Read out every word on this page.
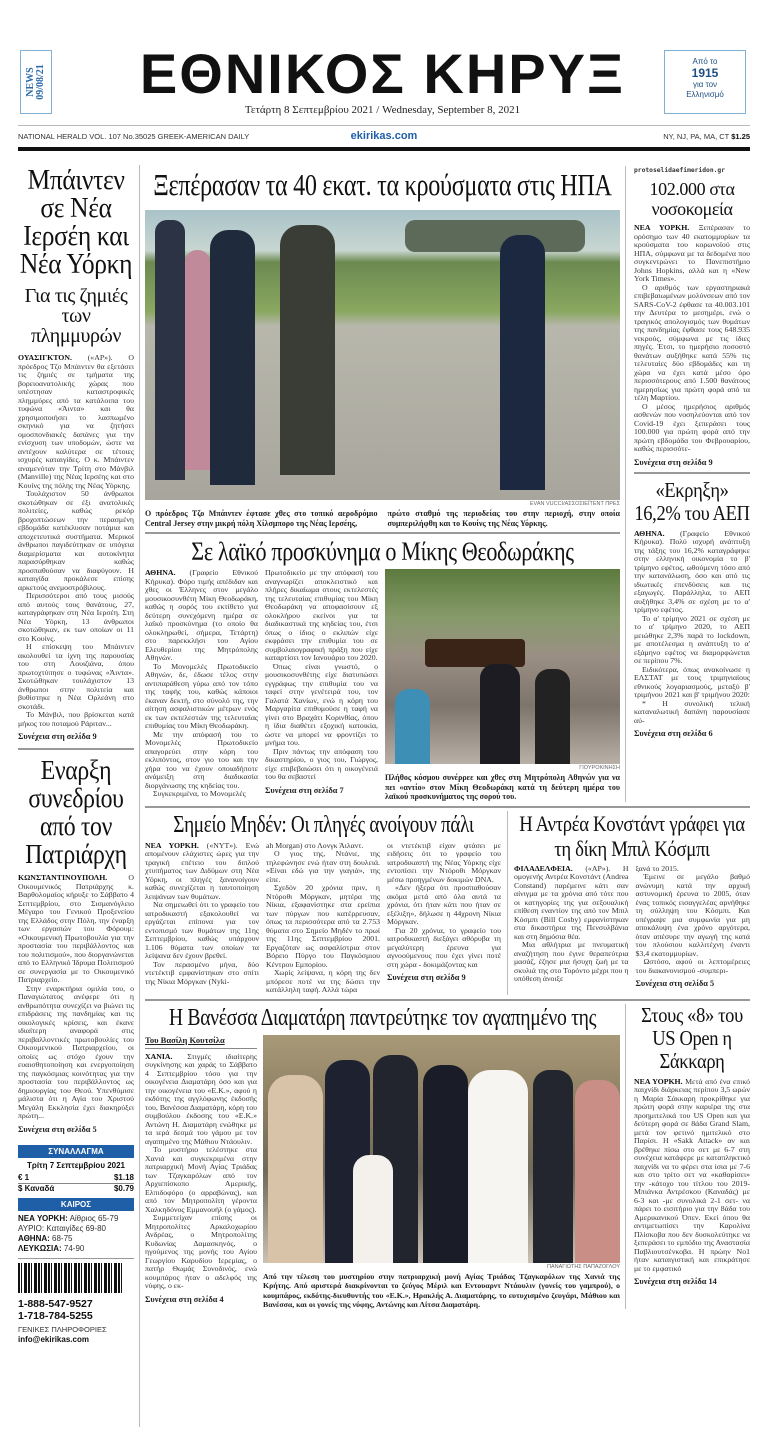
NEWS 09/08/21	ΕΘΝΙΚΟΣ ΚΗΡΥΞ
Τετάρτη 8 Σεπτεμβρίου 2021 / Wednesday, September 8, 2021
Από το
1915
για τον
Ελληνισμό
NATIONAL HERALD VOL. 107 No.35025 GREEK-AMERICAN DAILY	ekirikas.com	NY, NJ, PA, MA, CT $1.25
Μπάιντεν σε Νέα Ιερσέη και Νέα Υόρκη
Για τις ζημιές των πλημμυρών

ΟΥΑΣΙΓΚΤΟΝ. («AP»). Ο πρόεδρος Τζο Μπάιντεν θα εξετάσει τις ζημιές σε τμήματα της βορειοανατολικής χώρας που υπέστησαν καταστροφικές πλημμύρες από τα κατάλοιπα του τυφώνα «Άιντα» και θα χρησιμοποιήσει το λασπωμένο σκηνικό για να ζητήσει ομοσπονδιακές δαπάνες για την ενίσχυση των υποδομών, ώστε να αντέχουν καλύτερα σε τέτοιες ισχυρές καταιγίδες. Ο κ. Μπάιντεν αναμενόταν την Τρίτη στο Μάνβιλ (Manville) της Νέας Ιερσέης και στο Κουίνς της πόλης της Νέας Υόρκης.

Τουλάχιστον 50 άνθρωποι σκοτώθηκαν σε έξι ανατολικές πολιτείες, καθώς ρεκόρ βροχοπτώσεων την περασμένη εβδομάδα κατέκλυσαν ποτάμια και αποχετευτικά συστήματα. Μερικοί άνθρωποι παγιδεύτηκαν σε υπόγεια διαμερίσματα και αυτοκίνητα παρασύρθηκαν καθώς προσπαθούσαν να διαφύγουν. Η καταιγίδα προκάλεσε επίσης αρκετούς ανεμοστρόβιλους.

Περισσότεροι από τους μισούς από αυτούς τους θανάτους, 27, καταγράφηκαν στη Νέα Ιερσέη. Στη Νέα Υόρκη, 13 άνθρωποι σκοτώθηκαν, εκ των οποίων οι 11 στο Κουίνς.

Η επίσκεψη του Μπάιντεν ακολουθεί τα ίχνη της παρουσίας του στη Λουιζιάνα, όπου πρωτοχτύπησε ο τυφώνας «Άιντα». Σκοτώθηκαν τουλάχιστον 13 άνθρωποι στην πολιτεία και βυθίστηκε η Νέα Ορλεάνη στο σκοτάδι.

Το Μάνβιλ, που βρίσκεται κατά μήκος του ποταμού Ράριταν...

Συνέχεια στη σελίδα 9
Εναρξη συνεδρίου από τον Πατριάρχη

ΚΩΝΣΤΑΝΤΙΝΟΥΠΟΛΗ.	Ο Οικουμενικός Πατριάρχης κ. Βαρθολομαίος κήρυξε το Σάββατο 4 Σεπτεμβρίου, στο Σισμανόγλειο Μέγαρο του Γενικού Προξενείου της Ελλάδος στην Πόλη, την έναρξη των εργασιών του Φόρουμ: «Οικουμενική Πρωτοβουλία για την προστασία του περιβάλλοντος και του πολιτισμού», που διοργανώνεται από το Ελληνικό Ίδρυμα Πολιτισμού σε συνεργασία με το Οικουμενικό Πατριαρχείο.

Στην εναρκτήρια ομιλία του, ο Παναγιώτατος ανέφερε ότι η ανθρωπότητα συνεχίζει να βιώνει τις επιδράσεις της πανδημίας και τις οικολογικές κρίσεις, και έκανε ιδιαίτερη αναφορά στις περιβαλλοντικές πρωτοβουλίες του Οικουμενικού Πατριαρχείου, οι οποίες ως στόχο έχουν την ευαισθητοποίηση και ενεργοποίηση της παγκόσμιας κοινότητας για την προστασία του περιβάλλοντος ως δημιουργίας του Θεού. Υπενθύμισε μάλιστα ότι η Αγία του Χριστού Μεγάλη Εκκλησία έχει διακηρύξει πρώτη...

Συνέχεια στη σελίδα 5
ΣΥΝΑΛΛΑΓΜΑ
Τρίτη 7 Σεπτεμβρίου 2021
€ 1	$1.18
$ Καναδά	$0.79
ΚΑΙΡΟΣ
ΝΕΑ ΥΟΡΚΗ: Αίθριος 65-79
ΑΥΡΙΟ: Καταιγίδες 69-80
ΑΘΗΝΑ: 68-75
ΛΕΥΚΩΣΙΑ: 74-90
1-888-547-9527
1-718-784-5255
ΓΕΝΙΚΕΣ ΠΛΗΡΟΦΟΡΙΕΣ
info@ekirikas.com
Ξεπέρασαν τα 40 εκατ. τα κρούσματα στις ΗΠΑ
EVAN VUCCI/ΑΣΣΟΣΙΕΪΤΕΝΤ ΠΡΕΣ
Ο πρόεδρος Τζο Μπάιντεν έφτασε χθες στο τοπικό αεροδρόμιο Central Jersey στην μικρή πόλη Χίλσμπορο της Νέας Ιερσέης,
πρώτο σταθμό της περιοδείας του στην περιοχή, στην οποία συμπεριλήφθη και το Κουίνς της Νέας Υόρκης.
Σε λαϊκό προσκύνημα ο Μίκης Θεοδωράκης

ΑΘΗΝΑ. (Γραφείο Εθνικού Κήρυκα). Φόρο τιμής απέδιδαν και χθες οι Έλληνες στον μεγάλο μουσικοσυνθέτη Μίκη Θεοδωράκη, καθώς η σορός του εκτίθετο για δεύτερη συνεχόμενη ημέρα σε λαϊκό προσκύνημα (το οποίο θα ολοκληρωθεί, σήμερα, Τετάρτη) στο παρεκκλήσι του Αγίου Ελευθερίου της Μητρόπολης Αθηνών.

Το Μονομελές Πρωτοδικείο Αθηνών, δε, έδωσε τέλος στην αντιπαράθεση γύρω από τον τόπο της ταφής του, καθώς κάποιοι έκαναν δεκτή, στο σύνολό της, την αίτηση ασφαλιστικών μέτρων ενός εκ των εκτελεστών της τελευταίας επιθυμίας του Μίκη Θεοδωράκη.

Με την απόφασή του το Μονομελές Πρωτοδικείο απαγορεύει στην κόρη του εκλιπόντος, στον γιο του και την χήρα του να έχουν οποιαδήποτε ανάμειξη στη διαδικασία διοργάνωσης της κηδείας του.

Συγκεκριμένα, το Μονομελές

Πρωτοδικείο με την απόφασή του αναγνωρίζει αποκλειστικό και πλήρες δικαίωμα στους εκτελεστές της τελευταίας επιθυμίας του Μίκη Θεοδωράκη να αποφασίσουν εξ ολοκλήρου εκείνοι για τα διαδικαστικά της κηδείας του, έτσι όπως ο ίδιος ο εκλιπών είχε εκφράσει την επιθυμία του σε συμβολαιογραφική πράξη που είχε καταρτίσει τον Ιανουάριο του 2020.

Όπως είναι γνωστό, ο μουσικοσυνθέτης είχε διατυπώσει εγγράφως την επιθυμία του να ταφεί στην γενέτειρά του, τον Γαλατά Χανίων, ενώ η κόρη του Μαργαρίτα επιθυμούσε η ταφή να γίνει στο Βραχάτι Κορινθίας, όπου η ίδια διαθέτει εξοχική κατοικία, ώστε να μπορεί να φροντίζει το μνήμα του.

Πριν πάντως την απόφαση του δικαστηρίου, ο γιος του, Γιώργος, είχε επιβεβαιώσει ότι η οικογένειά του θα σεβαστεί

Συνέχεια στη σελίδα 7
ΓΙΟΥΡΟΚΙΝΗΣΗ
Πλήθος κόσμου συνέρρεε και χθες στη Μητρόπολη Αθηνών για να πει «αντίο» στον Μίκη Θεοδωράκη κατά τη δεύτερη ημέρα του λαϊκού προσκυνήματος της σορού του.
protoselidaefimeridon.gr
102.000 στα νοσοκομεία

ΝΕΑ ΥΟΡΚΗ. Ξεπέρασαν το ορόσημο των 40 εκατομμυρίων τα κρούσματα του κορωνοϊού στις ΗΠΑ, σύμφωνα με τα δεδομένα που συγκεντρώνει το Πανεπιστήμιο Johns Hopkins, αλλά και η «New York Times».

Ο αριθμός των εργαστηριακά επιβεβαιωμένων μολύνσεων από τον SARS-CoV-2 έφθασε τα 40.003.101 την Δευτέρα το μεσημέρι, ενώ ο τραγικός απολογισμός των θυμάτων της πανδημίας έφθασε τους 648.935 νεκρούς, σύμφωνα με τις ίδιες πηγές. Έτσι, το ημερήσιο ποσοστό θανάτων αυξήθηκε κατά 55% τις τελευταίες δύο εβδομάδες και τη χώρα να έχει κατά μέσο όρο περισσότερους από 1.500 θανάτους ημερησίως για πρώτη φορά από τα τέλη Μαρτίου.

Ο μέσος ημερήσιος αριθμός ασθενών που νοσηλεύονται από τον Covid-19 έχει ξεπεράσει τους 100.000 για πρώτη φορά από την πρώτη εβδομάδα του Φεβρουαρίου, καθώς περισσότε-

Συνέχεια στη σελίδα 9
«Εκρηξη» 16,2% του ΑΕΠ

ΑΘΗΝΑ. (Γραφείο Εθνικού Κήρυκα). Πολύ ισχυρή ανάπτυξη της τάξης του 16,2% καταγράφηκε στην ελληνική οικονομία το β' τρίμηνο εφέτος, ωθούμενη τόσο από την κατανάλωση, όσο και από τις ιδιωτικές επενδύσεις και τις εξαγωγές. Παράλληλα, το ΑΕΠ αυξήθηκε 3,4% σε σχέση με το α' τρίμηνο εφέτος.

Το α' τρίμηνο 2021 σε σχέση με το α' τρίμηνο 2020, το ΑΕΠ μειώθηκε 2,3% παρά το lockdown, με αποτέλεσμα η ανάπτυξη το α' εξάμηνο εφέτος να διαμορφώνεται σε περίπου 7%.

Ειδικότερα, όπως ανακοίνωσε η ΕΛΣΤΑΤ με τους τριμηνιαίους εθνικούς λογαριασμούς, μεταξύ β' τριμήνου 2021 και β' τριμήνου 2020:

* Η συνολική τελική καταναλωτική δαπάνη παρουσίασε αύ-

Συνέχεια στη σελίδα 6
Σημείο Μηδέν: Οι πληγές ανοίγουν πάλι

ΝΕΑ ΥΟΡΚΗ. («NYT»). Ενώ απομένουν ελάχιστες ώρες για την τραγική επέτειο του διπλού χτυπήματος των Διδύμων στη Νέα Υόρκη, οι πληγές ξανανοίγουν καθώς συνεχίζεται η ταυτοποίηση λειψάνων των θυμάτων.

Να σημειωθεί ότι το γραφείο του ιατροδικαστή εξακολουθεί να εργάζεται επίπονα για τον εντοπισμό των θυμάτων της 11ης Σεπτεμβρίου, καθώς υπάρχουν 1.106 θύματα των οποίων τα λείψανα δεν έχουν βρεθεί.

Τον περασμένο μήνα, δύο ντετέκτιβ εμφανίστηκαν στο σπίτι της Νίκια Μόργκαν (Nyki-

ah Morgan) στο Λονγκ Άιλαντ.

Ο γιος της, Ντάνιε, της τηλεφώνησε ενώ ήταν στη δουλειά. «Είναι εδώ για την γιαγιά», της είπε.

Σχεδόν 20 χρόνια πριν, η Ντόροθι Μόργκαν, μητέρα της Νίκια, εξαφανίστηκε στα ερείπια των πύργων που κατέρρευσαν, όπως τα περισσότερα από τα 2.753 θύματα στο Σημείο Μηδέν το πρωί της 11ης Σεπτεμβρίου 2001. Εργαζόταν ως ασφαλίστρια στον Βόρειο Πύργο του Παγκόσμιου Κέντρου Εμπορίου.

Χωρίς λείψανα, η κόρη της δεν μπόρεσε ποτέ να της δώσει την κατάλληλη ταφή. Αλλά τώρα

οι ντετέκτιβ είχαν φτάσει με ειδήσεις ότι το γραφείο του ιατροδικαστή της Νέας Υόρκης είχε εντοπίσει την Ντόροθι Μόργκαν μέσω προηγμένων δοκιμών DNA.

«Δεν ήξερα ότι προσπαθούσαν ακόμα μετά από όλα αυτά τα χρόνια, ότι ήταν κάτι που ήταν σε εξέλιξη», δήλωσε η 44χρονη Νίκια Μόργκαν.

Για 20 χρόνια, το γραφείο του ιατροδικαστή διεξάγει αθόρυβα τη μεγαλύτερη έρευνα για αγνοούμενους που έχει γίνει ποτέ στη χώρα - δοκιμάζοντας και

Συνέχεια στη σελίδα 9
Η Αντρέα Κονστάντ γράφει για τη δίκη Μπιλ Κόσμπι

ΦΙΛΑΔΕΛΦΕΙΑ. («AP»). Η ομογενής Αντρέα Κονστάντ (Andrea Constand) παρέμεινε κάτι σαν αίνιγμα με τα χρόνια από τότε που οι κατηγορίες της για σεξουαλική επίθεση εναντίον της από τον Μπιλ Κόσμπι (Bill Cosby) εμφανίστηκαν στα δικαστήρια της Πενσυλβάνια και στη δημόσια θέα.

Μια αθλήτρια με πνευματική αναζήτηση που έγινε θεραπεύτρια μασάζ, έζησε μια ήσυχη ζωή με τα σκυλιά της στο Τορόντο μέχρι που η υπόθεση άνοιξε

ξανά το 2015.

Έμεινε σε μεγάλο βαθμό ανώνυμη κατά την αρχική αστυνομική έρευνα το 2005, όταν ένας τοπικός εισαγγελέας αρνήθηκε τη σύλληψη του Κόσμπι. Και υπέγραψε μια συμφωνία για μη αποκάλυψη ένα χρόνο αργότερα, όταν απέσυρε την αγωγή της κατά του πλούσιου καλλιτέχνη έναντι $3,4 εκατομμυρίων.

Ωστόσο, αφού οι λεπτομέρειες του διακανονισμού -συμπερι-

Συνέχεια στη σελίδα 5
Η Βανέσσα Διαματάρη παντρεύτηκε τον αγαπημένο της
Του Βασίλη Κουτσίλα

ΧΑΝΙΑ. Στιγμές ιδιαίτερης συγκίνησης και χαράς το Σάββατο 4 Σεπτεμβρίου τόσο για την οικογένεια Διαματάρη όσο και για την οικογένεια του «Ε.Κ.», αφού η εκδότης της αγγλόφωνης έκδοσής του, Βανέσσα Διαματάρη, κόρη του συμβούλου έκδοσης του «Ε.Κ.» Αντώνη Η. Διαματάρη ενώθηκε με τα ιερά δεσμά του γάμου με τον αγαπημένο της Μάθιου Ντάουλιν.

Το μυστήριο τελέστηκε στα Χανιά και συγκεκριμένα στην πατριαρχική Μονή Αγίας Τριάδας των Τζαγκαρόλων από τον Αρχιεπίσκοπο Αμερικής, Ελπιδοφόρο (ο αρραβώνας), και από τον Μητροπολίτη γέροντα Χαλκηδόνος Εμμανουήλ (ο γάμος).

Συμμετείχαν επίσης οι Μητροπολίτες Αρκαλοχωρίου Ανδρέας, ο Μητροπολίτης Κυδωνίας Δαμασκηνός, ο ηγούμενος της μονής του Αγίου Γεωργίου Καρυδίου Ιερεμίας, ο πατήρ Θωμάς Συνοδινός, ενώ κουμπάρος ήταν ο αδελφός της νύφης, ο εκ-

Συνέχεια στη σελίδα 4
ΠΑΝΑΓΙΩΤΗΣ ΠΑΠΑΖΟΓΛΟΥ
Από την τέλεση του μυστηρίου στην πατριαρχική μονή Αγίας Τριάδας Τζαγκαρόλων της Χανιά της Κρήτης. Από αριστερά διακρίνονται το ζεύγος Μέριλ και Εντουαρντ Ντάουλιν (γονείς του γαμπρού), ο κουμπάρος, εκδότης-διευθυντής του «Ε.Κ.», Ηρακλής Α. Διαματάρης, το ευτυχισμένο ζευγάρι, Μάθιου και Βανέσσα, και οι γονείς της νύφης, Αντώνης και Λίτσα Διαματάρη.
Στους «8» του US Open η Σάκκαρη

ΝΕΑ ΥΟΡΚΗ. Μετά από ένα επικό παιχνίδι διάρκειας περίπου 3,5 ωρών η Μαρία Σάκκαρη προκρίθηκε για πρώτη φορά στην καριέρα της στα προημιτελικά του US Open και για δεύτερη φορά σε 8άδα Grand Slam, μετά τον φετινό ημιτελικό στο Παρίσι. Η «Sakk Attack» αν και βρέθηκε πίσω στο σετ με 6-7 στη συνέχεια κατάφερε με καταπληκτικό παιχνίδι να το φέρει στα ίσια με 7-6 και στο τρίτο σετ να «καθαρίσει» την -κάτοχο του τίτλου του 2019- Μπιάνκα Αντρέσκου (Καναδάς) με 6-3 και -με συνολικά 2-1 σετ- να πάρει το εισιτήριο για την 8άδα του Αμερικανικού Όπεν. Εκεί όπου θα αντιμετωπίσει την Καρολίνα Πλίσκοβα που δεν δυσκολεύτηκε να ξεπεράσει το εμπόδιο της Αναστασία Παβλιουτσένκοβα. Η πρώην Νο1 ήταν καταιγιστική και επικράτησε με το εμφατικό

Συνέχεια στη σελίδα 14
